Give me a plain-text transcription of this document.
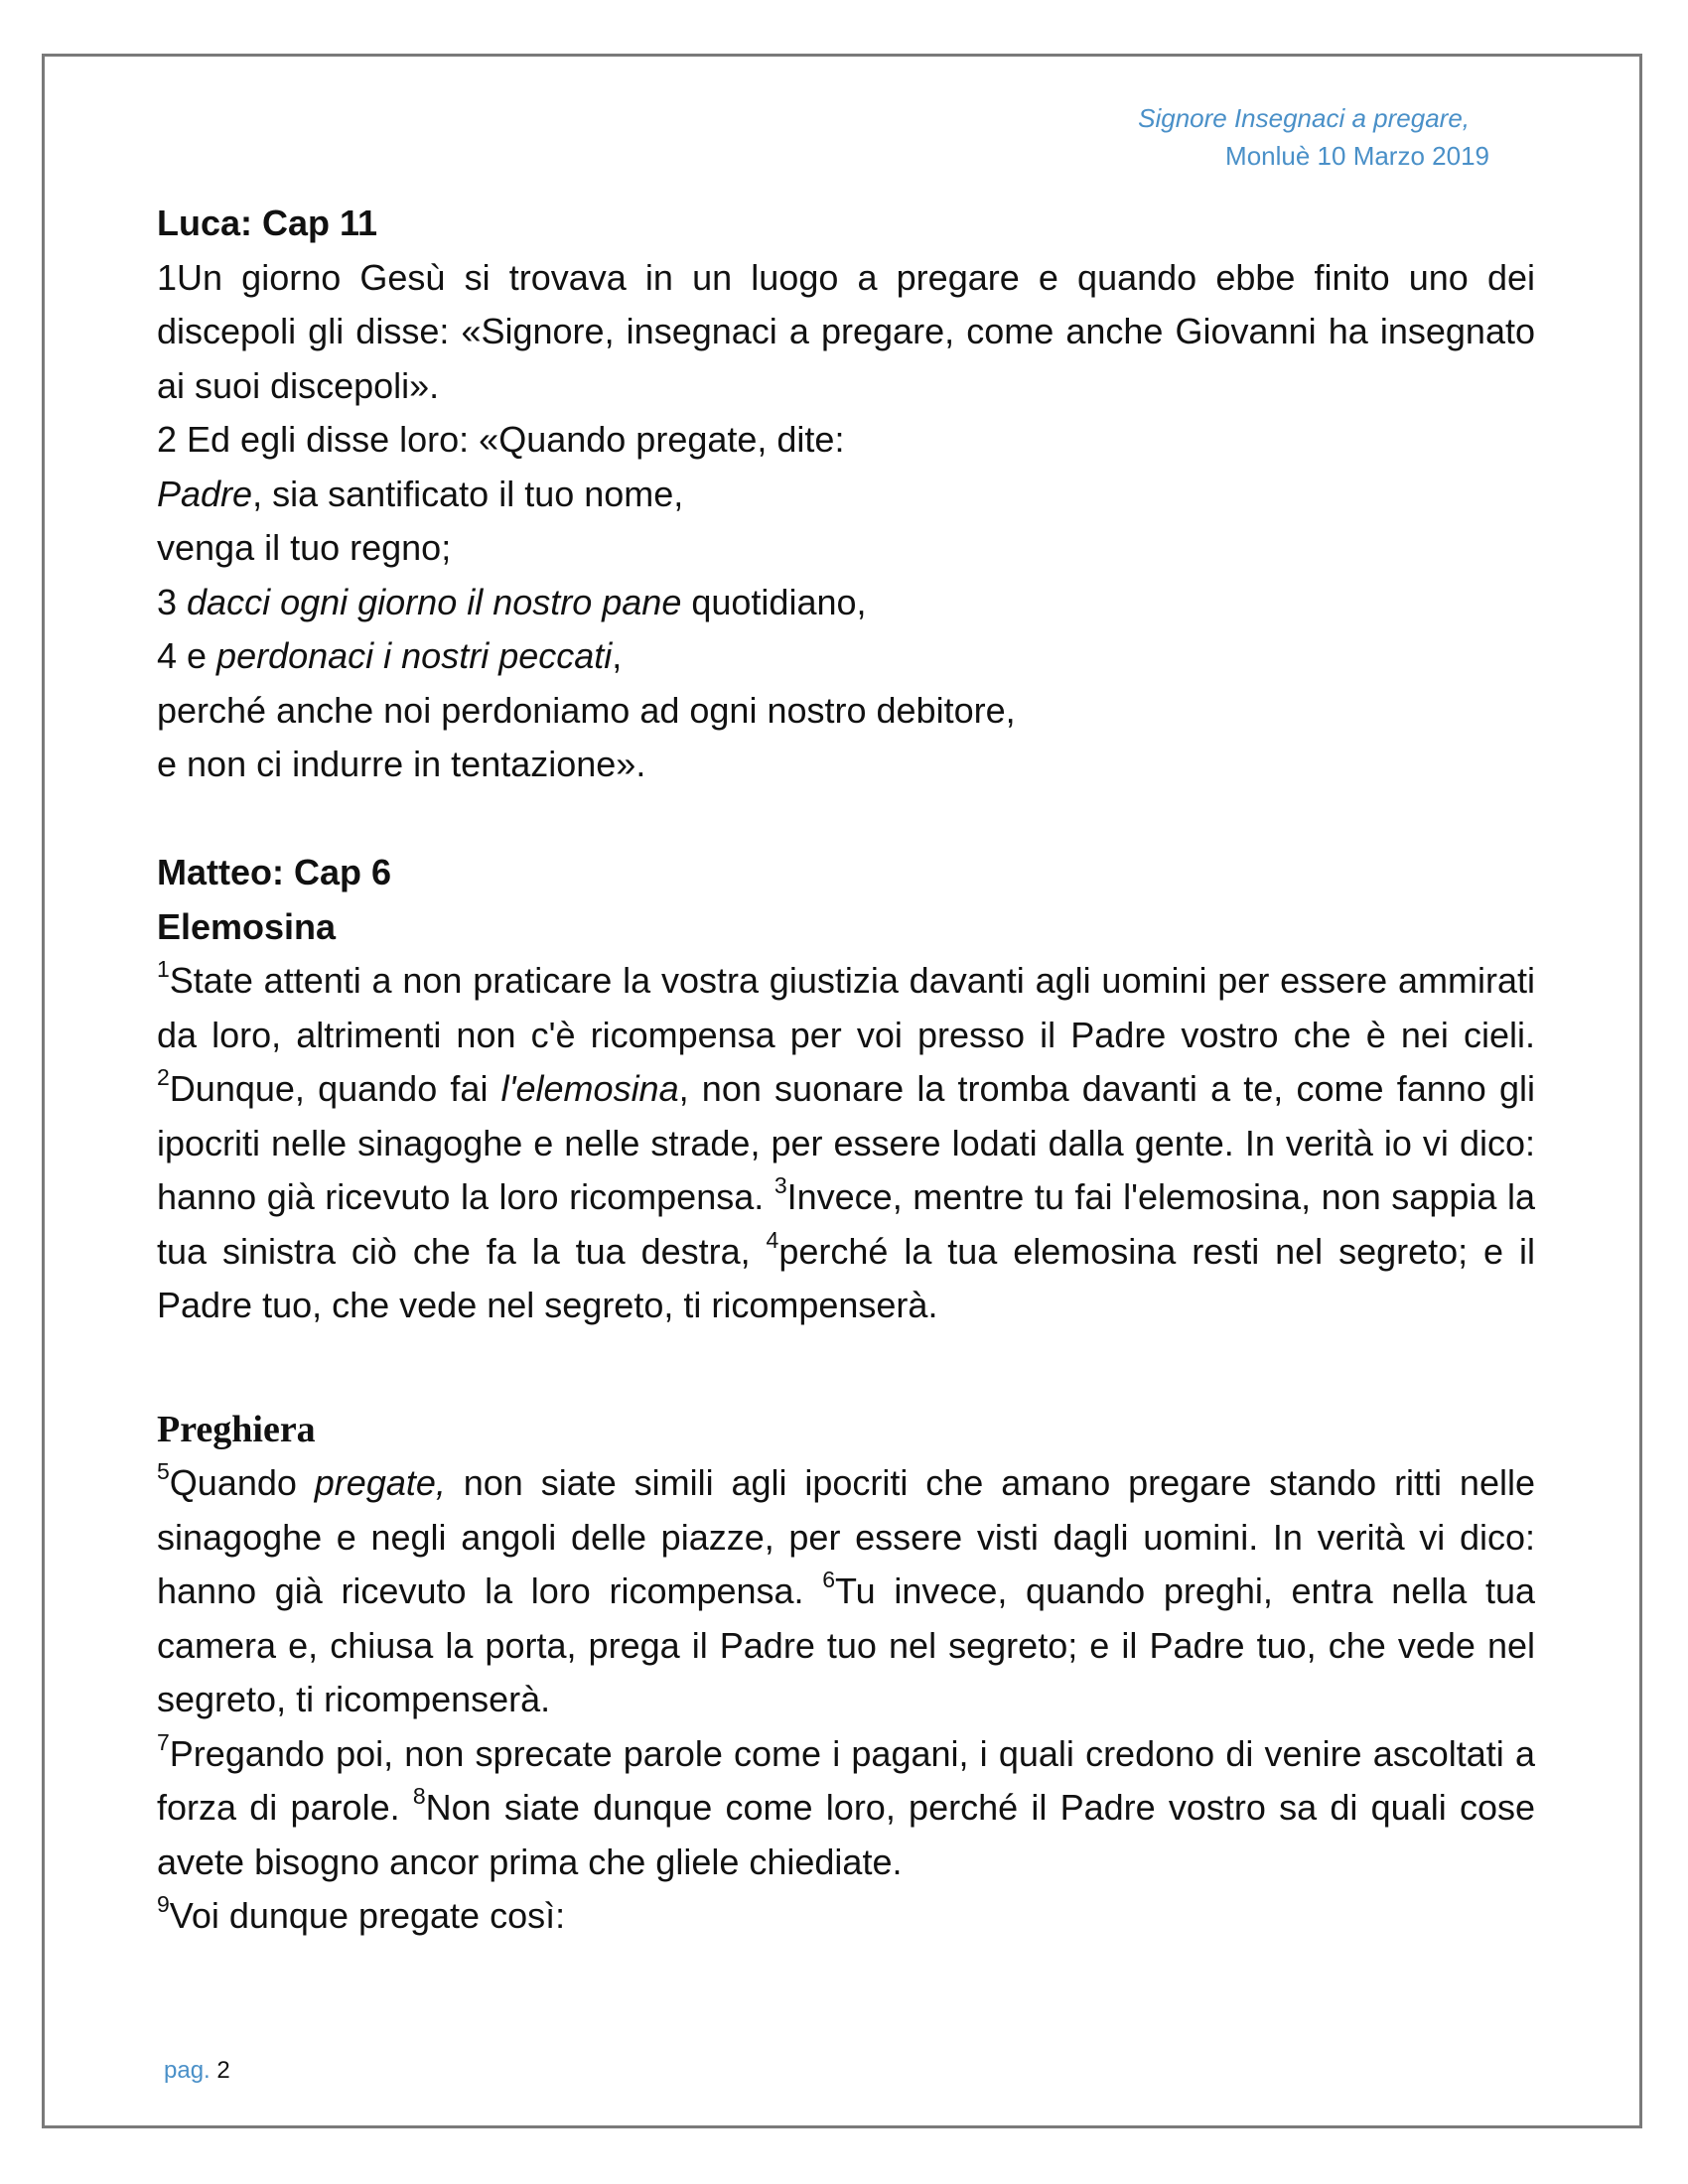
Signore Insegnaci a pregare,
Monluè 10 Marzo 2019

Luca: Cap 11

1Un giorno Gesù si trovava in un luogo a pregare e quando ebbe finito uno dei discepoli gli disse: «Signore, insegnaci a pregare, come anche Giovanni ha insegnato ai suoi discepoli».

2 Ed egli disse loro: «Quando pregate, dite:

Padre, sia santificato il tuo nome,

venga il tuo regno;

3 dacci ogni giorno il nostro pane quotidiano,

4 e perdonaci i nostri peccati,

perché anche noi perdoniamo ad ogni nostro debitore,

e non ci indurre in tentazione».

Matteo: Cap 6

Elemosina

$^1$State attenti a non praticare la vostra giustizia davanti agli uomini per essere ammirati da loro, altrimenti non c'è ricompensa per voi presso il Padre vostro che è nei cieli. $^2$Dunque, quando fai l'elemosina, non suonare la tromba davanti a te, come fanno gli ipocriti nelle sinagoghe e nelle strade, per essere lodati dalla gente. In verità io vi dico: hanno già ricevuto la loro ricompensa. $^3$Invece, mentre tu fai l'elemosina, non sappia la tua sinistra ciò che fa la tua destra, $^4$perché la tua elemosina resti nel segreto; e il Padre tuo, che vede nel segreto, ti ricompenserà.

Preghiera

$^5$Quando pregate, non siate simili agli ipocriti che amano pregare stando ritti nelle sinagoghe e negli angoli delle piazze, per essere visti dagli uomini. In verità vi dico: hanno già ricevuto la loro ricompensa. $^6$Tu invece, quando preghi, entra nella tua camera e, chiusa la porta, prega il Padre tuo nel segreto; e il Padre tuo, che vede nel segreto, ti ricompenserà.

$^7$Pregando poi, non sprecate parole come i pagani, i quali credono di venire ascoltati a forza di parole. $^8$Non siate dunque come loro, perché il Padre vostro sa di quali cose avete bisogno ancor prima che gliele chiediate.

$^9$Voi dunque pregate così:

pag. 2
